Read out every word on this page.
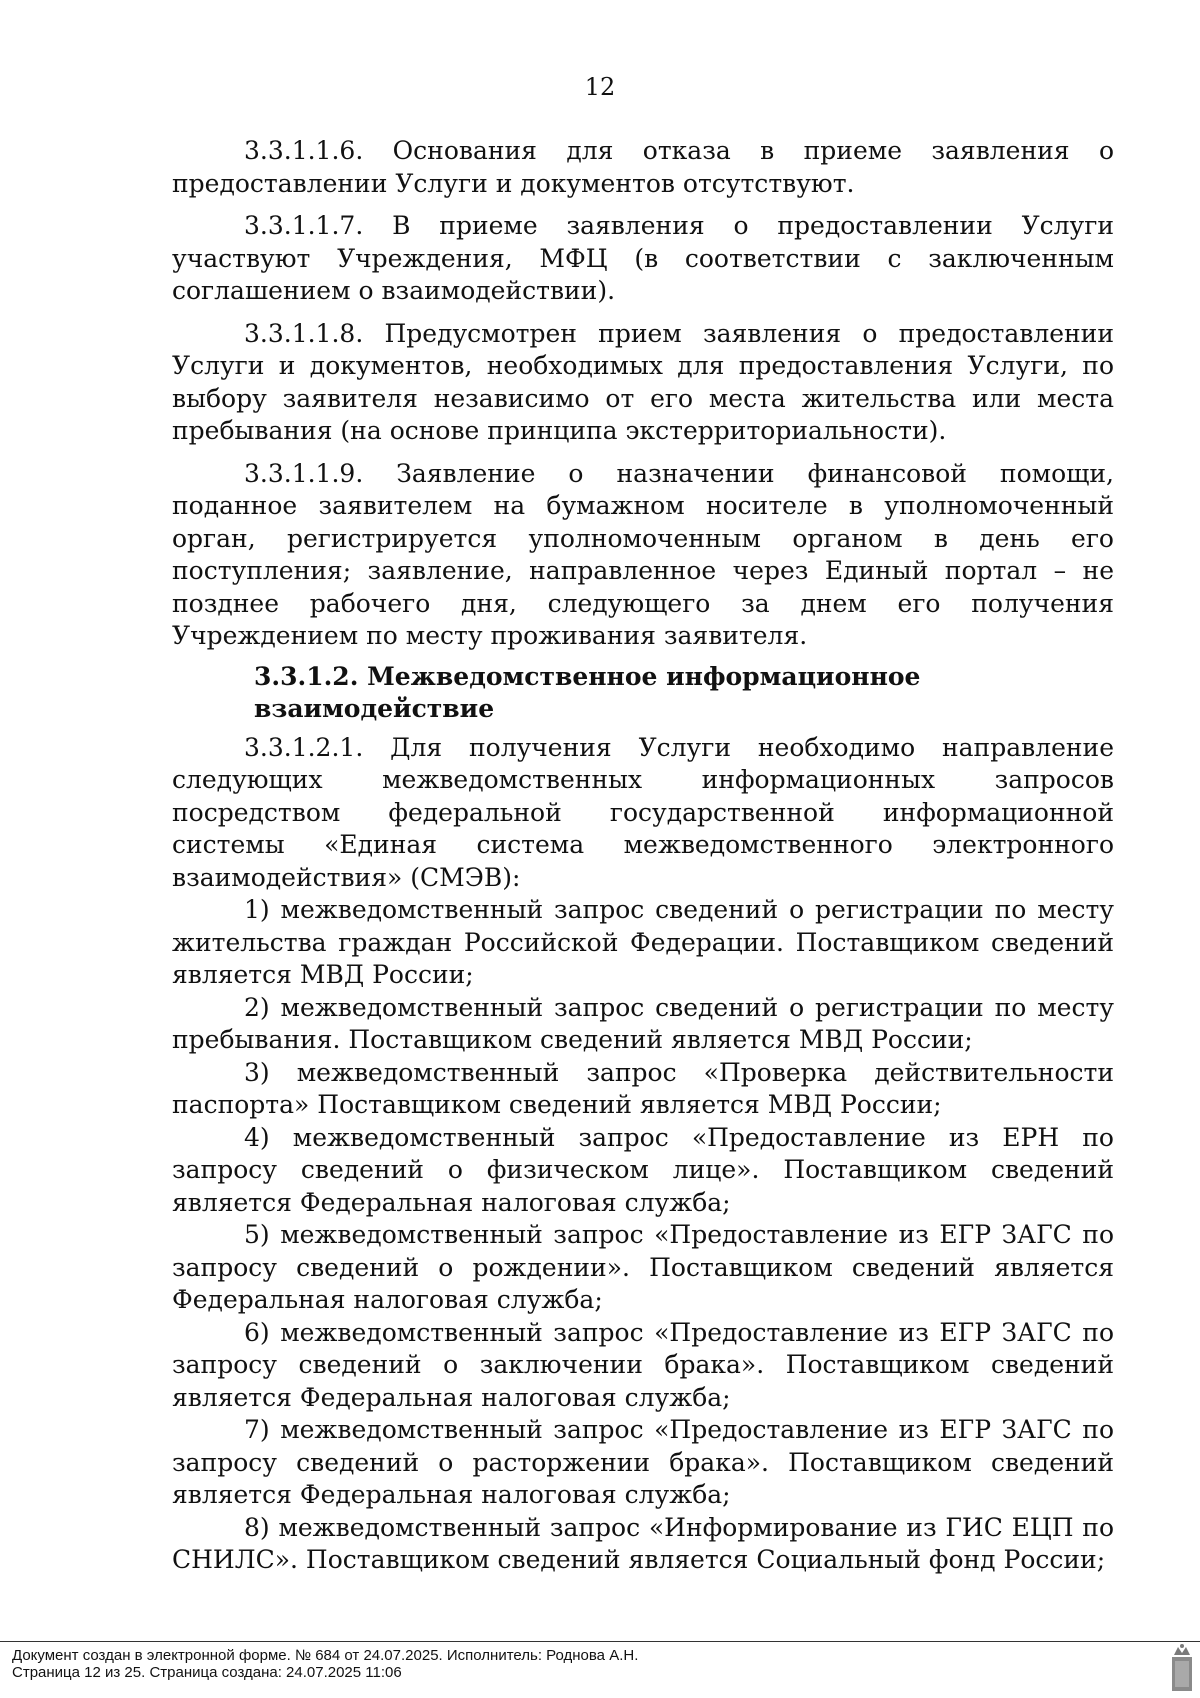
12

3.3.1.1.6. Основания для отказа в приеме заявления о предоставлении Услуги и документов отсутствуют.

3.3.1.1.7. В приеме заявления о предоставлении Услуги участвуют Учреждения, МФЦ (в соответствии с заключенным соглашением о взаимодействии).

3.3.1.1.8. Предусмотрен прием заявления о предоставлении Услуги и документов, необходимых для предоставления Услуги, по выбору заявителя независимо от его места жительства или места пребывания (на основе принципа экстерриториальности).

3.3.1.1.9. Заявление о назначении финансовой помощи, поданное заявителем на бумажном носителе в уполномоченный орган, регистрируется уполномоченным органом в день его поступления; заявление, направленное через Единый портал – не позднее рабочего дня, следующего за днем его получения Учреждением по месту проживания заявителя.

3.3.1.2. Межведомственное информационное взаимодействие

3.3.1.2.1. Для получения Услуги необходимо направление следующих межведомственных информационных запросов посредством федеральной государственной информационной системы «Единая система межведомственного электронного взаимодействия» (СМЭВ):

1) межведомственный запрос сведений о регистрации по месту жительства граждан Российской Федерации. Поставщиком сведений является МВД России;

2) межведомственный запрос сведений о регистрации по месту пребывания. Поставщиком сведений является МВД России;

3) межведомственный запрос «Проверка действительности паспорта» Поставщиком сведений является МВД России;

4) межведомственный запрос «Предоставление из ЕРН по запросу сведений о физическом лице». Поставщиком сведений является Федеральная налоговая служба;

5) межведомственный запрос «Предоставление из ЕГР ЗАГС по запросу сведений о рождении». Поставщиком сведений является Федеральная налоговая служба;

6) межведомственный запрос «Предоставление из ЕГР ЗАГС по запросу сведений о заключении брака». Поставщиком сведений является Федеральная налоговая служба;

7) межведомственный запрос «Предоставление из ЕГР ЗАГС по запросу сведений о расторжении брака». Поставщиком сведений является Федеральная налоговая служба;

8) межведомственный запрос «Информирование из ГИС ЕЦП по СНИЛС». Поставщиком сведений является Социальный фонд России;

Документ создан в электронной форме. № 684 от 24.07.2025. Исполнитель: Роднова А.Н.
Страница 12 из 25. Страница создана: 24.07.2025 11:06
